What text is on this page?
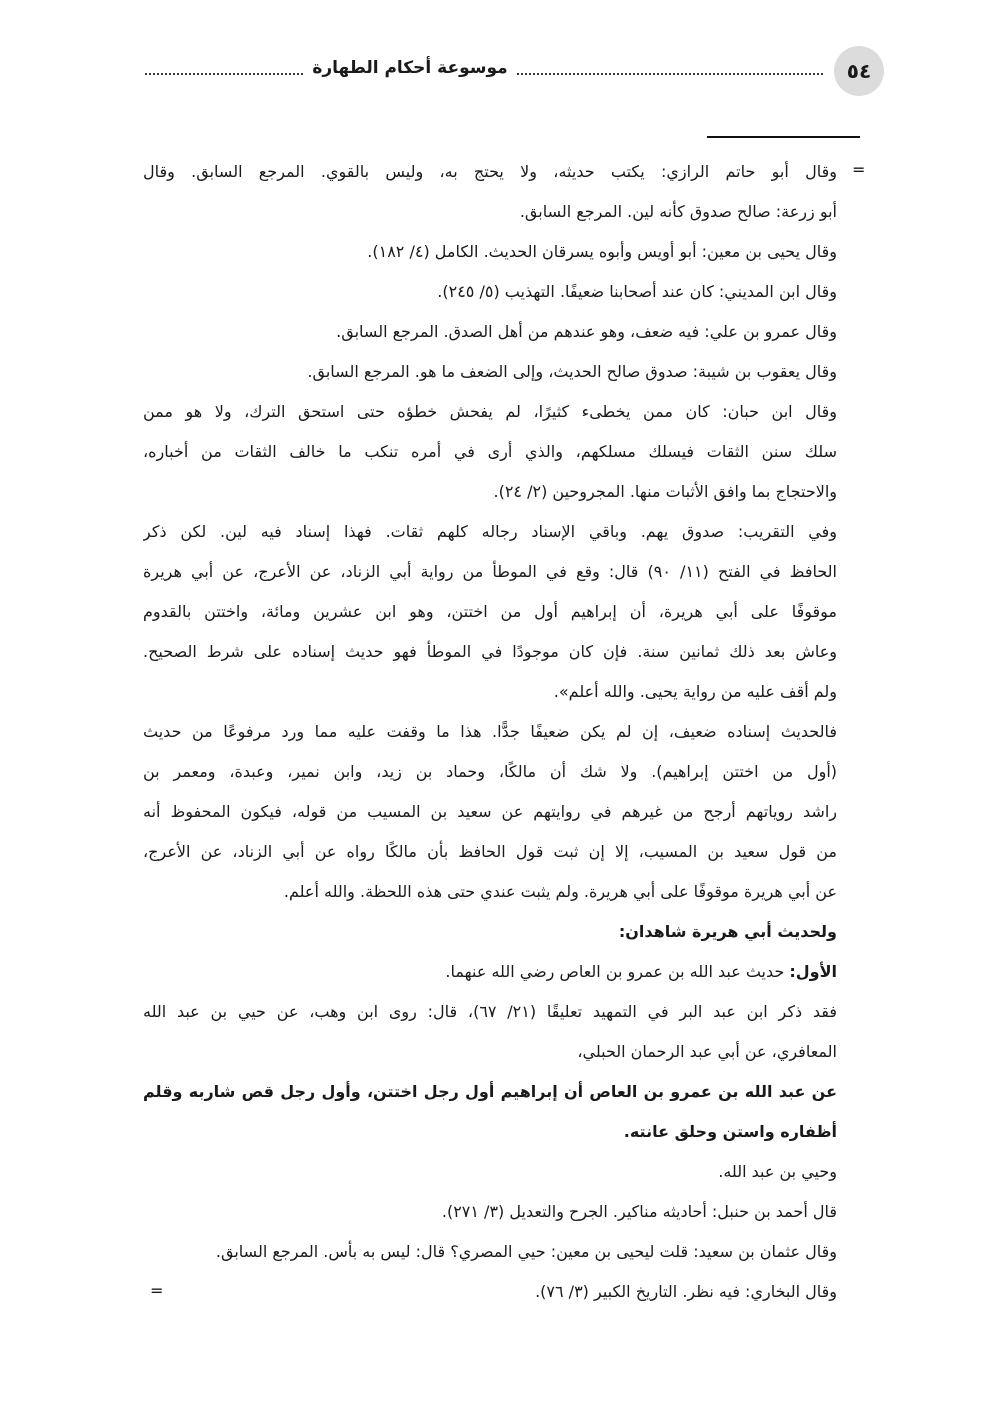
موسوعة أحكام الطهارة	٥٤
=
=
وقال أبو حاتم الرازي: يكتب حديثه، ولا يحتج به، وليس بالقوي. المرجع السابق. وقال
أبو زرعة: صالح صدوق كأنه لين. المرجع السابق.
وقال يحيى بن معين: أبو أويس وأبوه يسرقان الحديث. الكامل (٤/ ١٨٢).
وقال ابن المديني: كان عند أصحابنا ضعيفًا. التهذيب (٥/ ٢٤٥).
وقال عمرو بن علي: فيه ضعف، وهو عندهم من أهل الصدق. المرجع السابق.
وقال يعقوب بن شيبة: صدوق صالح الحديث، وإلى الضعف ما هو. المرجع السابق.
وقال ابن حبان: كان ممن يخطىء كثيرًا، لم يفحش خطؤه حتى استحق الترك، ولا هو ممن
سلك سنن الثقات فيسلك مسلكهم، والذي أرى في أمره تنكب ما خالف الثقات من أخباره،
والاحتجاج بما وافق الأثبات منها. المجروحين (٢/ ٢٤).
وفي التقريب: صدوق يهم. وباقي الإسناد رجاله كلهم ثقات. فهذا إسناد فيه لين. لكن ذكر
الحافظ في الفتح (١١/ ٩٠) قال: وقع في الموطأ من رواية أبي الزناد، عن الأعرج، عن أبي هريرة
موقوفًا على أبي هريرة، أن إبراهيم أول من اختتن، وهو ابن عشرين ومائة، واختتن بالقدوم
وعاش بعد ذلك ثمانين سنة. فإن كان موجودًا في الموطأ فهو حديث إسناده على شرط الصحيح.
ولم أقف عليه من رواية يحيى. والله أعلم».
فالحديث إسناده ضعيف، إن لم يكن ضعيفًا جدًّا. هذا ما وقفت عليه مما ورد مرفوعًا من حديث
(أول من اختتن إبراهيم). ولا شك أن مالكًا، وحماد بن زيد، وابن نمير، وعبدة، ومعمر بن
راشد روياتهم أرجح من غيرهم في روايتهم عن سعيد بن المسيب من قوله، فيكون المحفوظ أنه
من قول سعيد بن المسيب، إلا إن ثبت قول الحافظ بأن مالكًا رواه عن أبي الزناد، عن الأعرج،
عن أبي هريرة موقوفًا على أبي هريرة. ولم يثبت عندي حتى هذه اللحظة. والله أعلم.
ولحديث أبي هريرة شاهدان:
الأول: حديث عبد الله بن عمرو بن العاص رضي الله عنهما.
فقد ذكر ابن عبد البر في التمهيد تعليقًا (٢١/ ٦٧)، قال: روى ابن وهب، عن حيي بن عبد الله
المعافري، عن أبي عبد الرحمان الحبلي،
عن عبد الله بن عمرو بن العاص أن إبراهيم أول رجل اختتن، وأول رجل قص شاربه وقلم
أظفاره واستن وحلق عانته.
وحيي بن عبد الله.
قال أحمد بن حنبل: أحاديثه مناكير. الجرح والتعديل (٣/ ٢٧١).
وقال عثمان بن سعيد: قلت ليحيى بن معين: حيي المصري؟ قال: ليس به بأس. المرجع السابق.
وقال البخاري: فيه نظر. التاريخ الكبير (٣/ ٧٦).
